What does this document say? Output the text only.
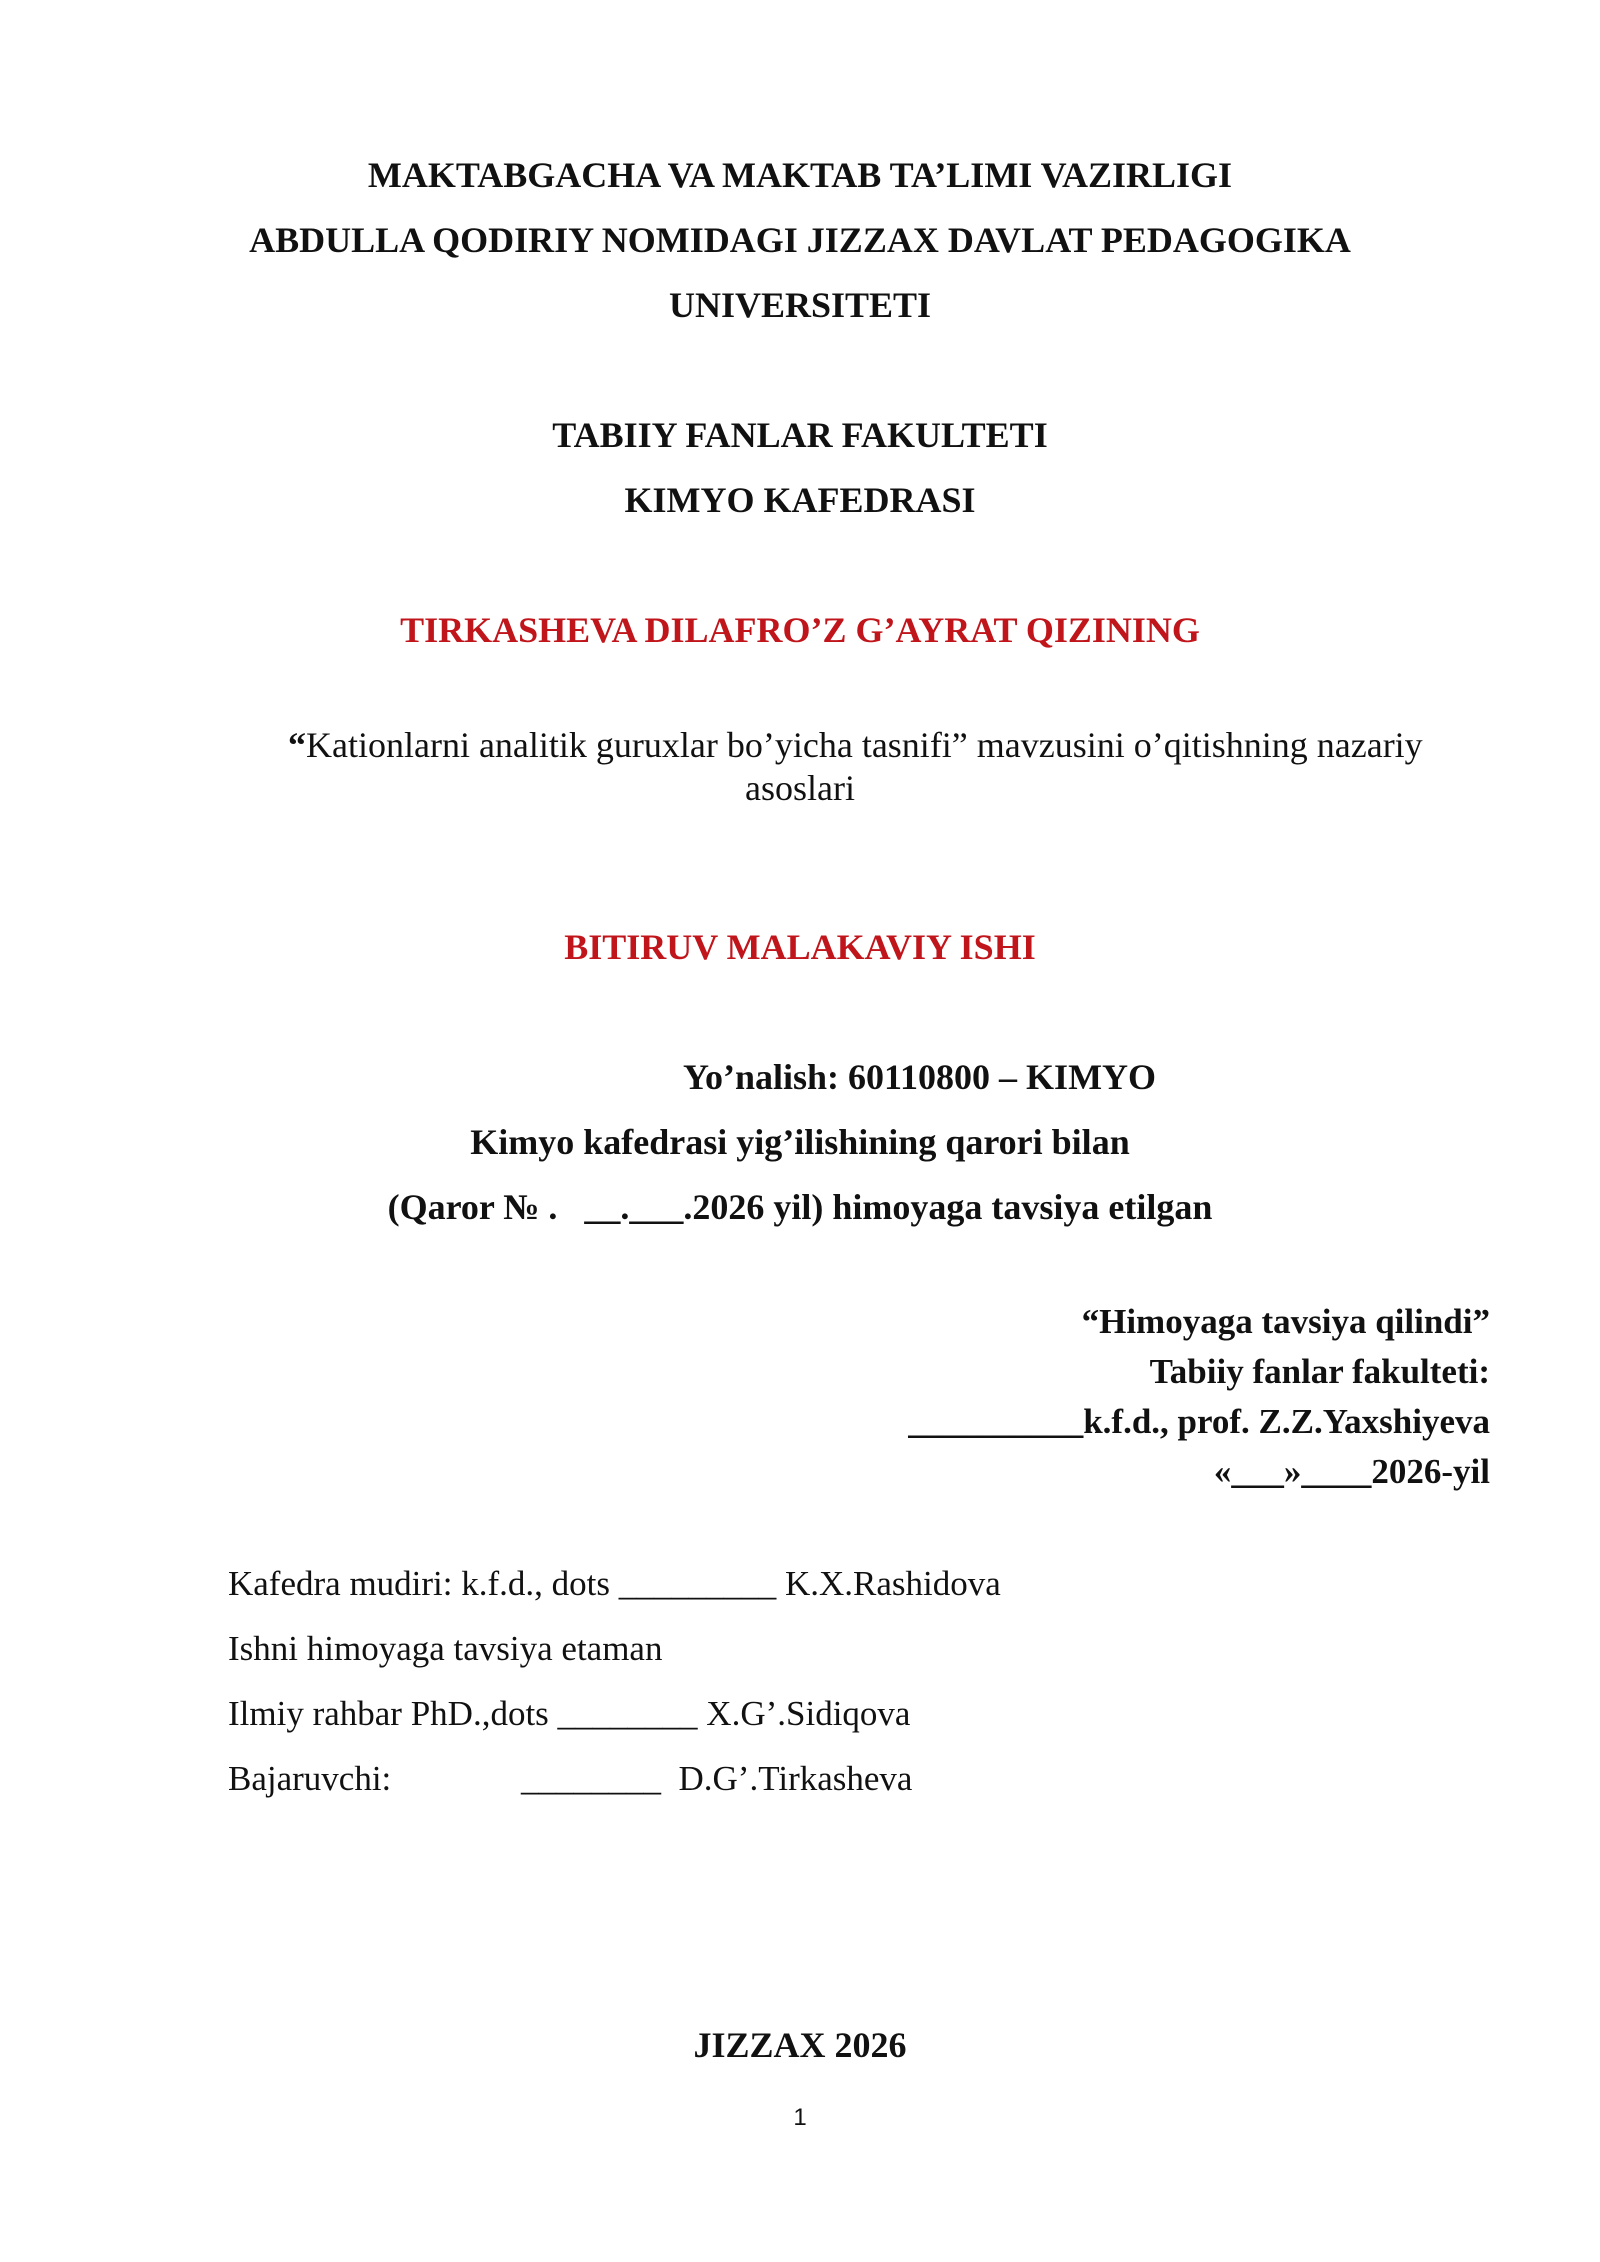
MAKTABGACHA VA MAKTAB TA’LIMI VAZIRLIGI
ABDULLA QODIRIY NOMIDAGI JIZZAX DAVLAT PEDAGOGIKA
UNIVERSITETI
TABIIY FANLAR FAKULTETI
KIMYO KAFEDRASI
TIRKASHEVA DILAFRO’Z G’AYRAT QIZINING
“Kationlarni analitik guruxlar bo’yicha tasnifi” mavzusini o’qitishning nazariy
asoslari
BITIRUV MALAKAVIY ISHI
Yo’nalish: 60110800 – KIMYO
Kimyo kafedrasi yig’ilishining qarori bilan
(Qaror № .   __.___.2026 yil) himoyaga tavsiya etilgan
“Himoyaga tavsiya qilindi”
Tabiiy fanlar fakulteti:
__________k.f.d., prof. Z.Z.Yaxshiyeva
«___»____2026-yil
Kafedra mudiri: k.f.d., dots _________ K.X.Rashidova
Ishni himoyaga tavsiya etaman
Ilmiy rahbar PhD.,dots ________ X.G’.Sidiqova
Bajaruvchi:	________  D.G’.Tirkasheva
JIZZAX 2026
1
